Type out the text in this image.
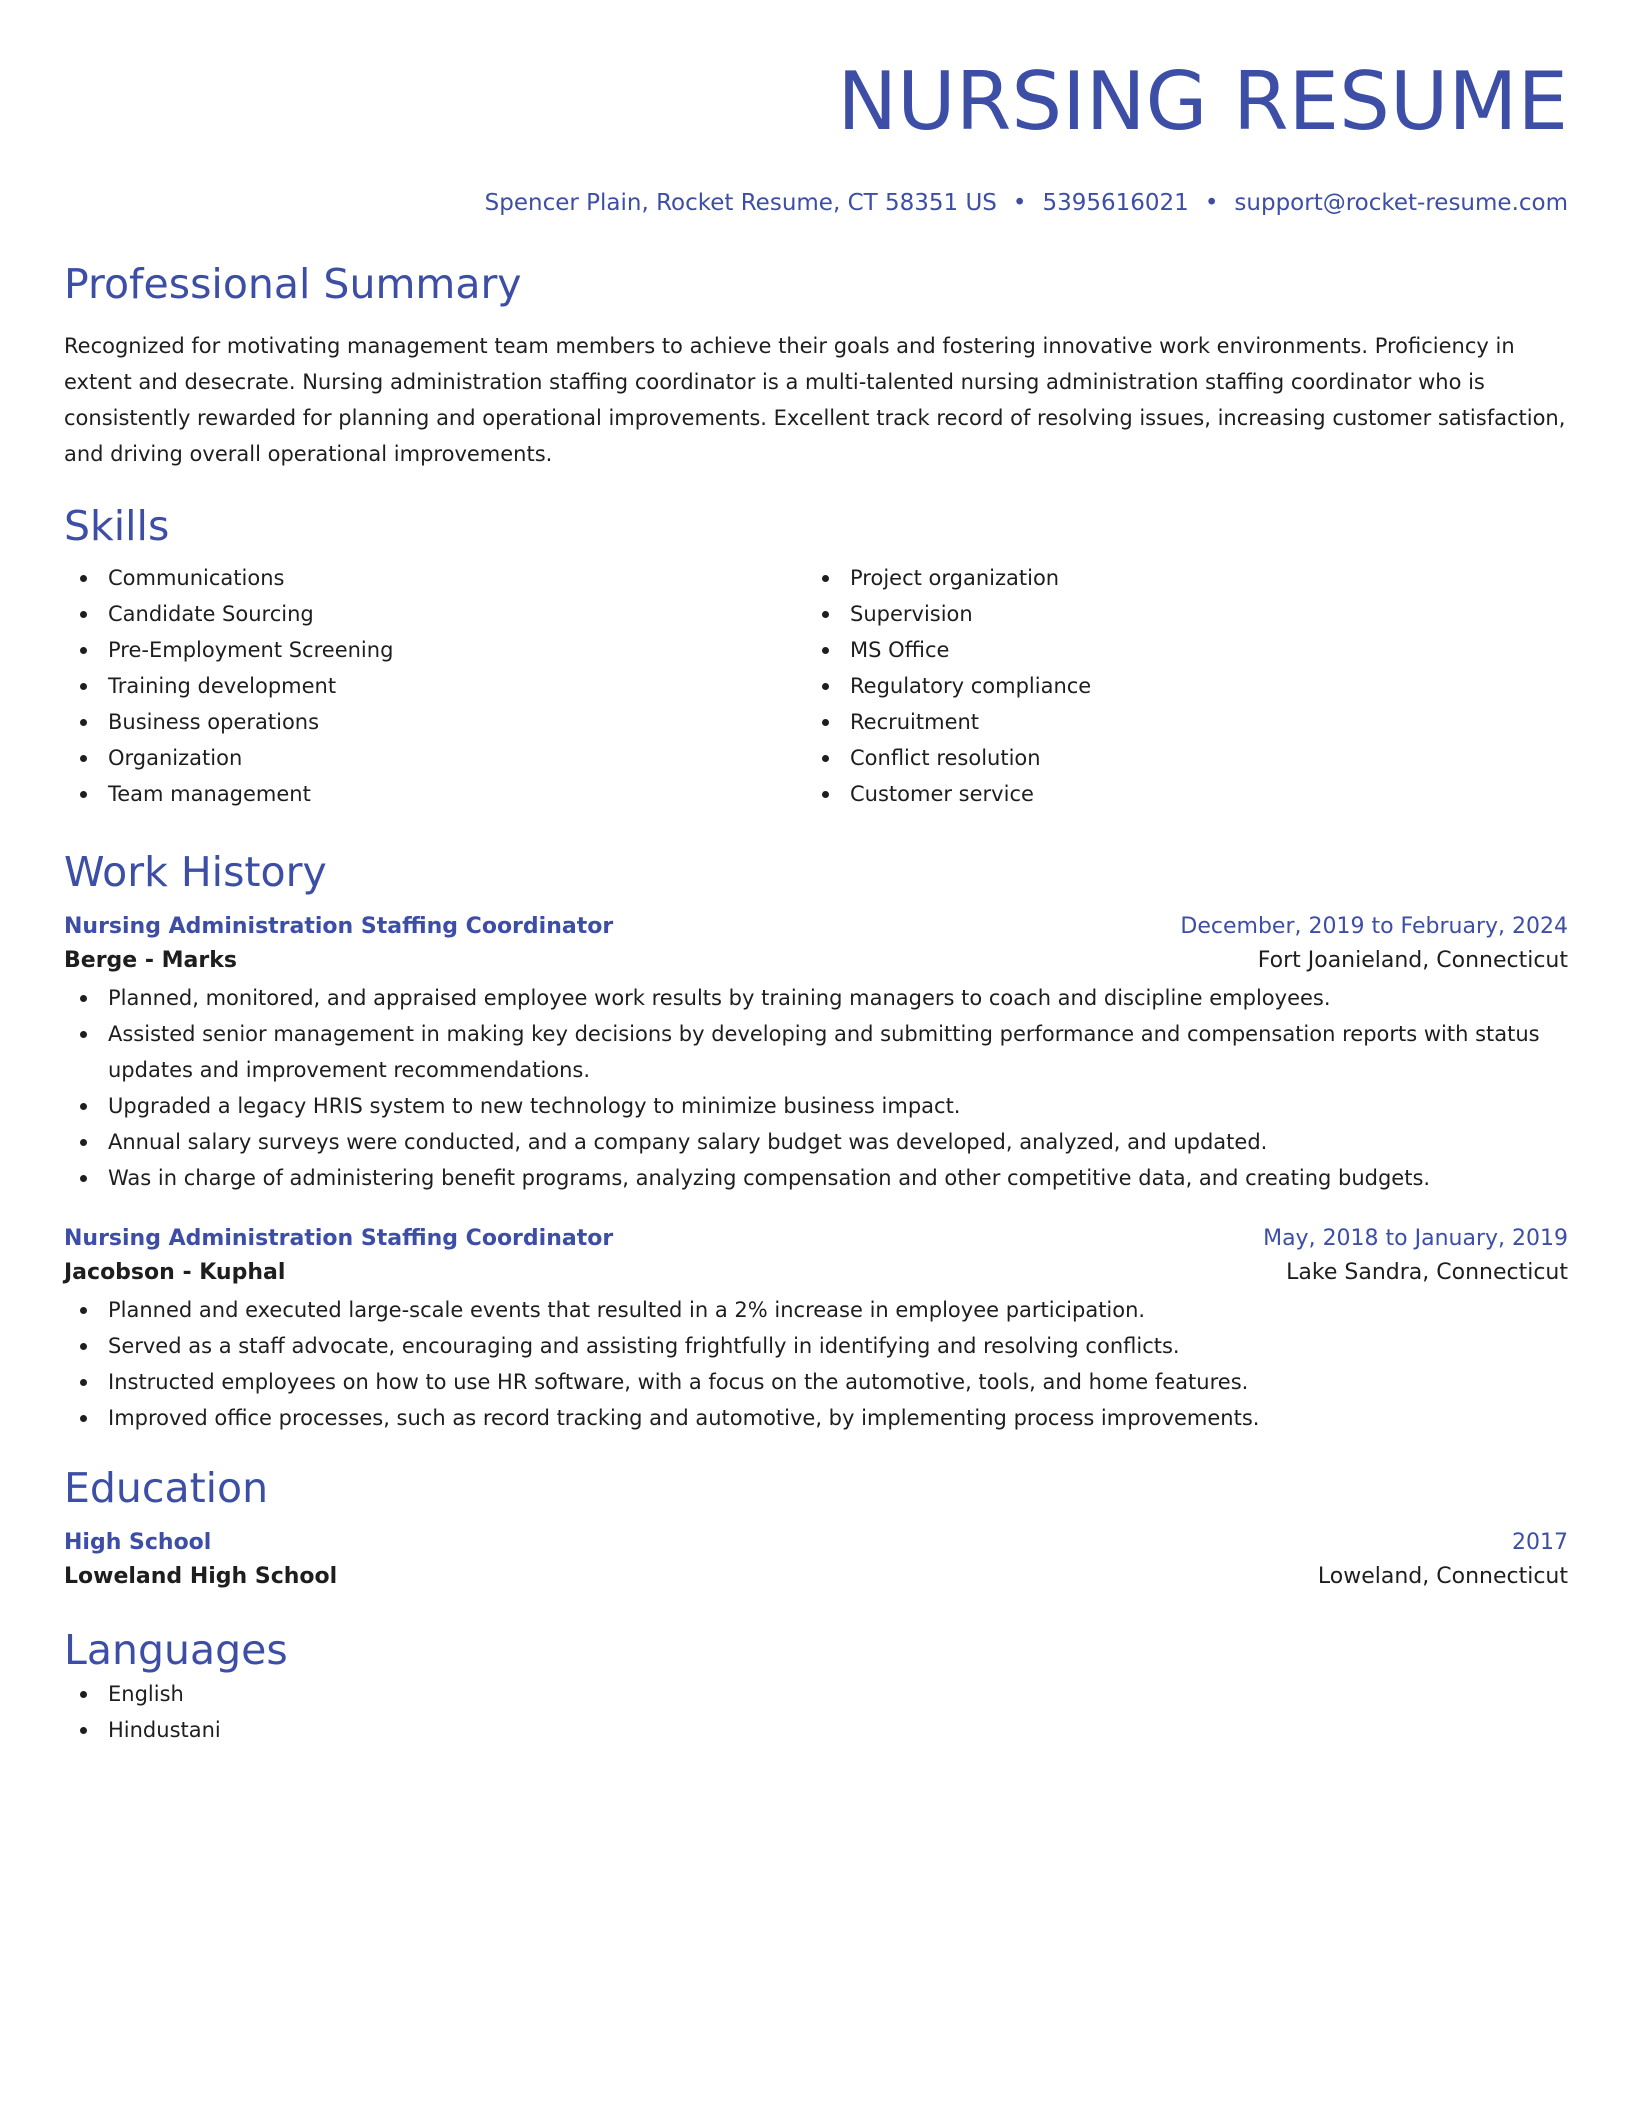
NURSING RESUME
Spencer Plain, Rocket Resume, CT 58351 US • 5395616021 • support@rocket-resume.com
Professional Summary

Recognized for motivating management team members to achieve their goals and fostering innovative work environments. Proficiency in extent and desecrate. Nursing administration staffing coordinator is a multi-talented nursing administration staffing coordinator who is consistently rewarded for planning and operational improvements. Excellent track record of resolving issues, increasing customer satisfaction, and driving overall operational improvements.

Skills
Communications
Candidate Sourcing
Pre-Employment Screening
Training development
Business operations
Organization
Team management
Project organization
Supervision
MS Office
Regulatory compliance
Recruitment
Conflict resolution
Customer service
Work History
Nursing Administration Staffing Coordinator	December, 2019 to February, 2024
Berge - Marks	Fort Joanieland, Connecticut
Planned, monitored, and appraised employee work results by training managers to coach and discipline employees.
Assisted senior management in making key decisions by developing and submitting performance and compensation reports with status updates and improvement recommendations.
Upgraded a legacy HRIS system to new technology to minimize business impact.
Annual salary surveys were conducted, and a company salary budget was developed, analyzed, and updated.
Was in charge of administering benefit programs, analyzing compensation and other competitive data, and creating budgets.
Nursing Administration Staffing Coordinator	May, 2018 to January, 2019
Jacobson - Kuphal	Lake Sandra, Connecticut
Planned and executed large-scale events that resulted in a 2% increase in employee participation.
Served as a staff advocate, encouraging and assisting frightfully in identifying and resolving conflicts.
Instructed employees on how to use HR software, with a focus on the automotive, tools, and home features.
Improved office processes, such as record tracking and automotive, by implementing process improvements.
Education
High School	2017
Loweland High School	Loweland, Connecticut
Languages
English
Hindustani
